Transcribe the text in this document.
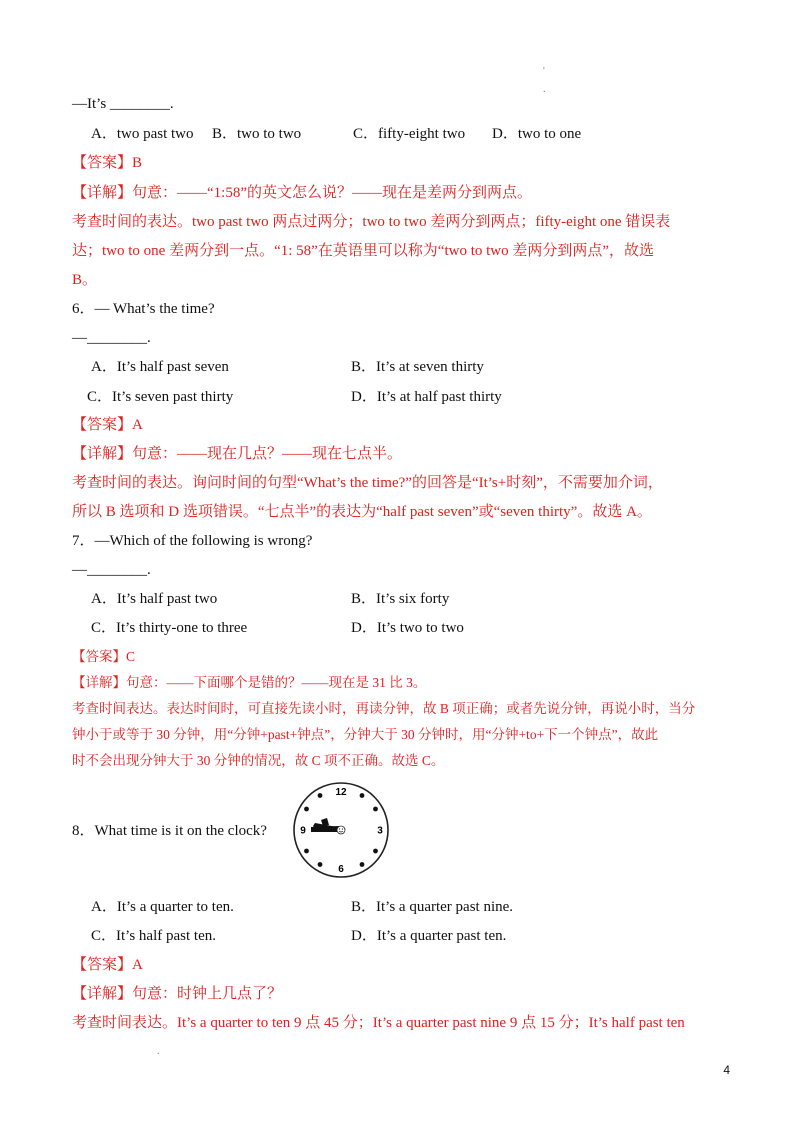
'
.
.
—It’s ________.
A．two past two B．two to two	C．fifty-eight two D．two to one
【答案】B
【详解】句意：——“1:58”的英文怎么说？——现在是差两分到两点。
考查时间的表达。two past two 两点过两分；two to two 差两分到两点；fifty-eight one 错误表
达；two to one 差两分到一点。“1: 58”在英语里可以称为“two to two 差两分到两点”，故选
B。
6．— What’s the time?
—________.
A．It’s half past seven	B．It’s at seven thirty
C．It’s seven past thirty	D．It’s at half past thirty
【答案】A
【详解】句意：——现在几点？——现在七点半。
考查时间的表达。询问时间的句型“What’s the time?”的回答是“It’s+时刻”，不需要加介词，
所以 B 选项和 D 选项错误。“七点半”的表达为“half past seven”或“seven thirty”。故选 A。
7．—Which of the following is wrong?
—________.
A．It’s half past two	B．It’s six forty
C．It’s thirty-one to three	D．It’s two to two
【答案】C
【详解】句意：——下面哪个是错的？——现在是 31 比 3。
考查时间表达。表达时间时，可直接先读小时，再读分钟，故 B 项正确；或者先说分钟，再说小时，当分
钟小于或等于 30 分钟，用“分钟+past+钟点”，分钟大于 30 分钟时，用“分钟+to+下一个钟点”，故此
时不会出现分钟大于 30 分钟的情况，故 C 项不正确。故选 C。
8．What time is it on the clock?
12
3
6
9
A．It’s a quarter to ten.	B．It’s a quarter past nine.
C．It’s half past ten.	D．It’s a quarter past ten.
【答案】A
【详解】句意：时钟上几点了？
考查时间表达。It’s a quarter to ten 9 点 45 分；It’s a quarter past nine 9 点 15 分；It’s half past ten
4
